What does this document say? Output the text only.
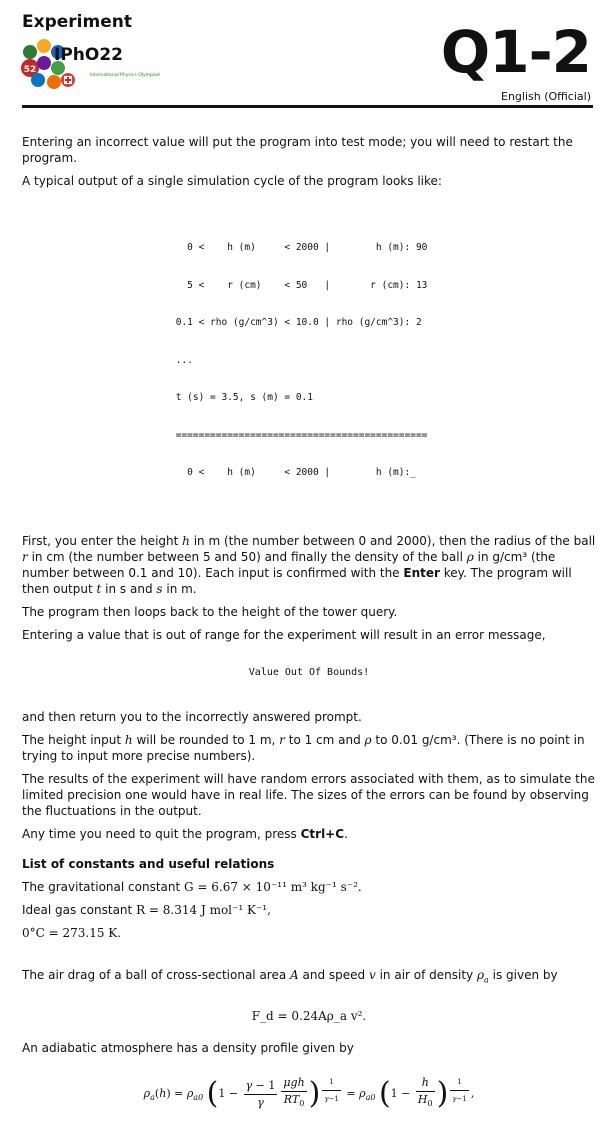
Experiment
52
IPhO22
International Physics Olympiad	Q1-2
English (Official)

Entering an incorrect value will put the program into test mode; you will need to restart the program.

A typical output of a single simulation cycle of the program looks like:

0 <    h (m)     < 2000 |        h (m): 90

5 <    r (cm)    < 50   |       r (cm): 13

0.1 < rho (g/cm^3) < 10.0 | rho (g/cm^3): 2

...

t (s) = 3.5, s (m) = 0.1

============================================

0 <    h (m)     < 2000 |        h (m):_

First, you enter the height h in m (the number between 0 and 2000), then the radius of the ball r in cm (the number between 5 and 50) and finally the density of the ball ρ in g/cm³ (the number between 0.1 and 10). Each input is confirmed with the Enter key. The program will then output t in s and s in m.

The program then loops back to the height of the tower query.

Entering a value that is out of range for the experiment will result in an error message,

Value Out Of Bounds!

and then return you to the incorrectly answered prompt.

The height input h will be rounded to 1 m, r to 1 cm and ρ to 0.01 g/cm³. (There is no point in trying to input more precise numbers).

The results of the experiment will have random errors associated with them, as to simulate the limited precision one would have in real life. The sizes of the errors can be found by observing the fluctuations in the output.

Any time you need to quit the program, press Ctrl+C.

List of constants and useful relations

The gravitational constant G = 6.67 × 10⁻¹¹ m³ kg⁻¹ s⁻².

Ideal gas constant R = 8.314 J mol⁻¹ K⁻¹,

0°C = 273.15 K.

The air drag of a ball of cross-sectional area A and speed v in air of density $\rho_a$ is given by

F_d = 0.24Aρ_a v².

An adiabatic atmosphere has a density profile given by

$\rho_a(h) = \rho_{a0}$ ($1 - \frac{\gamma - 1}{\gamma} \frac{\text{μgh}}{RT_0}$ ) $^{\frac{1}{\gamma-1}} = \rho_{a0}$ ($1 - \frac{h}{H_0}$ ) $^{\frac{1}{\gamma-1}}$ ,
